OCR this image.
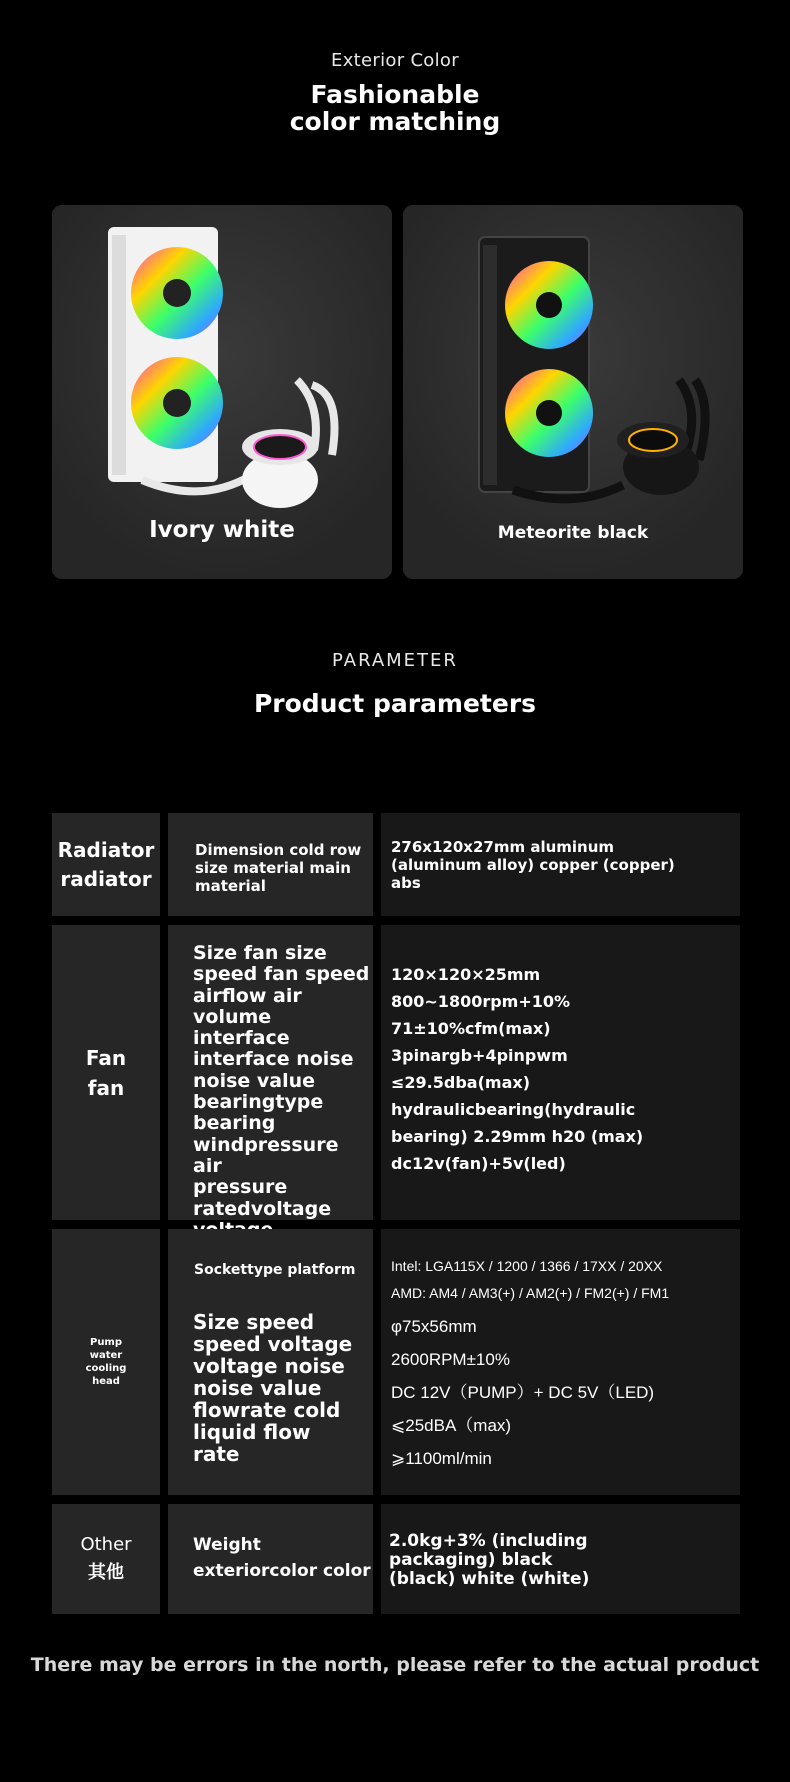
Exterior Color
Fashionable
color matching
Ivory white	Meteorite black
PARAMETER
Product parameters
Radiator
radiator
Dimension cold row
size material main
material
276x120x27mm aluminum
(aluminum alloy) copper (copper)
abs
Fan
fan
Size fan size
speed fan speed
airflow air
volume interface
interface noise
noise value
bearingtype
bearing
windpressure air
pressure
ratedvoltage
120×120×25mm
800~1800rpm+10%
71±10%cfm(max)
3pinargb+4pinpwm
≤29.5dba(max)
hydraulicbearing(hydraulic
bearing) 2.29mm h20 (max)
dc12v(fan)+5v(led)
Pump
water
cooling
head
Sockettype platform
Size speed
speed voltage
voltage noise
noise value
flowrate cold
liquid flow
rate
Intel: LGA115X / 1200 / 1366 / 17XX / 20XX
AMD: AM4 / AM3(+) / AM2(+) / FM2(+) / FM1
φ75x56mm
2600RPM±10%
DC 12V（PUMP）+ DC 5V（LED)
⩽25dBA（max)
⩾1100ml/min
Other
其他
Weight
exteriorcolor color
2.0kg+3% (including
packaging) black
(black) white (white)
There may be errors in the north, please refer to the actual product
